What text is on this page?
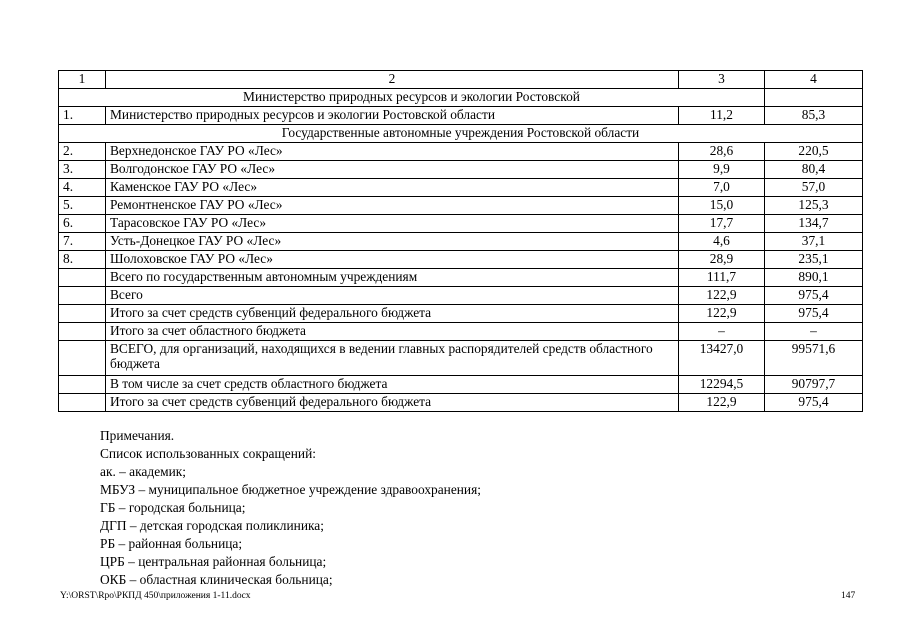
1	2	3	4
Министерство природных ресурсов и экологии Ростовской			
1.	Министерство природных ресурсов и экологии Ростовской области	11,2	85,3
Государственные автономные учреждения Ростовской области			
2.	Верхнедонское ГАУ РО «Лес»	28,6	220,5
3.	Волгодонское ГАУ РО «Лес»	9,9	80,4
4.	Каменское ГАУ РО «Лес»	7,0	57,0
5.	Ремонтненское ГАУ РО «Лес»	15,0	125,3
6.	Тарасовское ГАУ РО «Лес»	17,7	134,7
7.	Усть-Донецкое ГАУ РО «Лес»	4,6	37,1
8.	Шолоховское ГАУ РО «Лес»	28,9	235,1
	Всего по государственным автономным учреждениям	111,7	890,1
	Всего	122,9	975,4
	Итого за счет средств субвенций федерального бюджета	122,9	975,4
	Итого за счет областного бюджета	–	–
	ВСЕГО, для организаций, находящихся в ведении главных распорядителей средств областного бюджета	13427,0	99571,6
	В том числе за счет средств областного бюджета	12294,5	90797,7
	Итого за счет средств субвенций федерального бюджета	122,9	975,4
Примечания.
Список использованных сокращений:
ак. – академик;
МБУЗ – муниципальное бюджетное учреждение здравоохранения;
ГБ – городская больница;
ДГП – детская городская поликлиника;
РБ – районная больница;
ЦРБ – центральная районная больница;
ОКБ – областная клиническая больница;
Y:\ORST\Rpo\РКПД 450\приложения 1-11.docx	147
